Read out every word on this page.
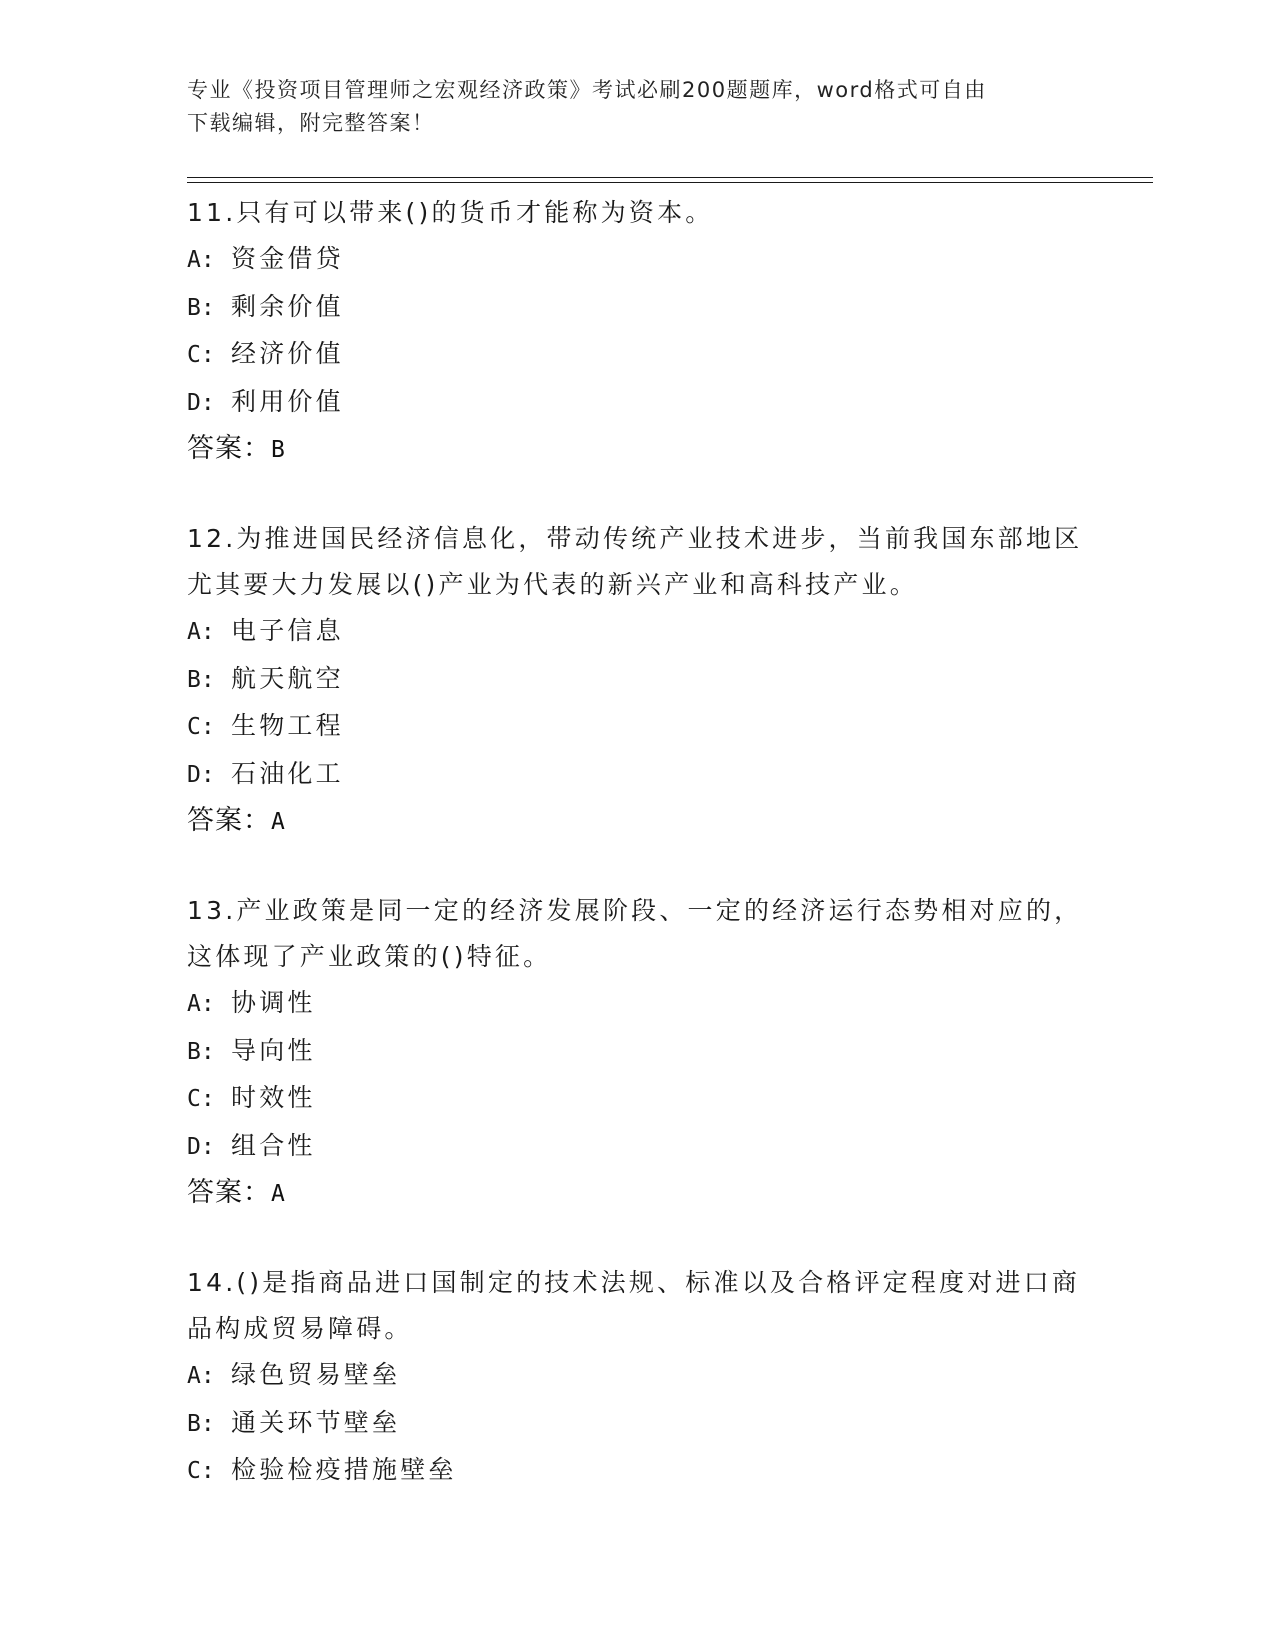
专业《投资项目管理师之宏观经济政策》考试必刷200题题库，word格式可自由
下载编辑，附完整答案！
11.只有可以带来()的货币才能称为资本。
A: 资金借贷
B: 剩余价值
C: 经济价值
D: 利用价值
答案：B
12.为推进国民经济信息化，带动传统产业技术进步，当前我国东部地区尤其要大力发展以()产业为代表的新兴产业和高科技产业。
A: 电子信息
B: 航天航空
C: 生物工程
D: 石油化工
答案：A
13.产业政策是同一定的经济发展阶段、一定的经济运行态势相对应的，这体现了产业政策的()特征。
A: 协调性
B: 导向性
C: 时效性
D: 组合性
答案：A
14.()是指商品进口国制定的技术法规、标准以及合格评定程度对进口商品构成贸易障碍。
A: 绿色贸易壁垒
B: 通关环节壁垒
C: 检验检疫措施壁垒
